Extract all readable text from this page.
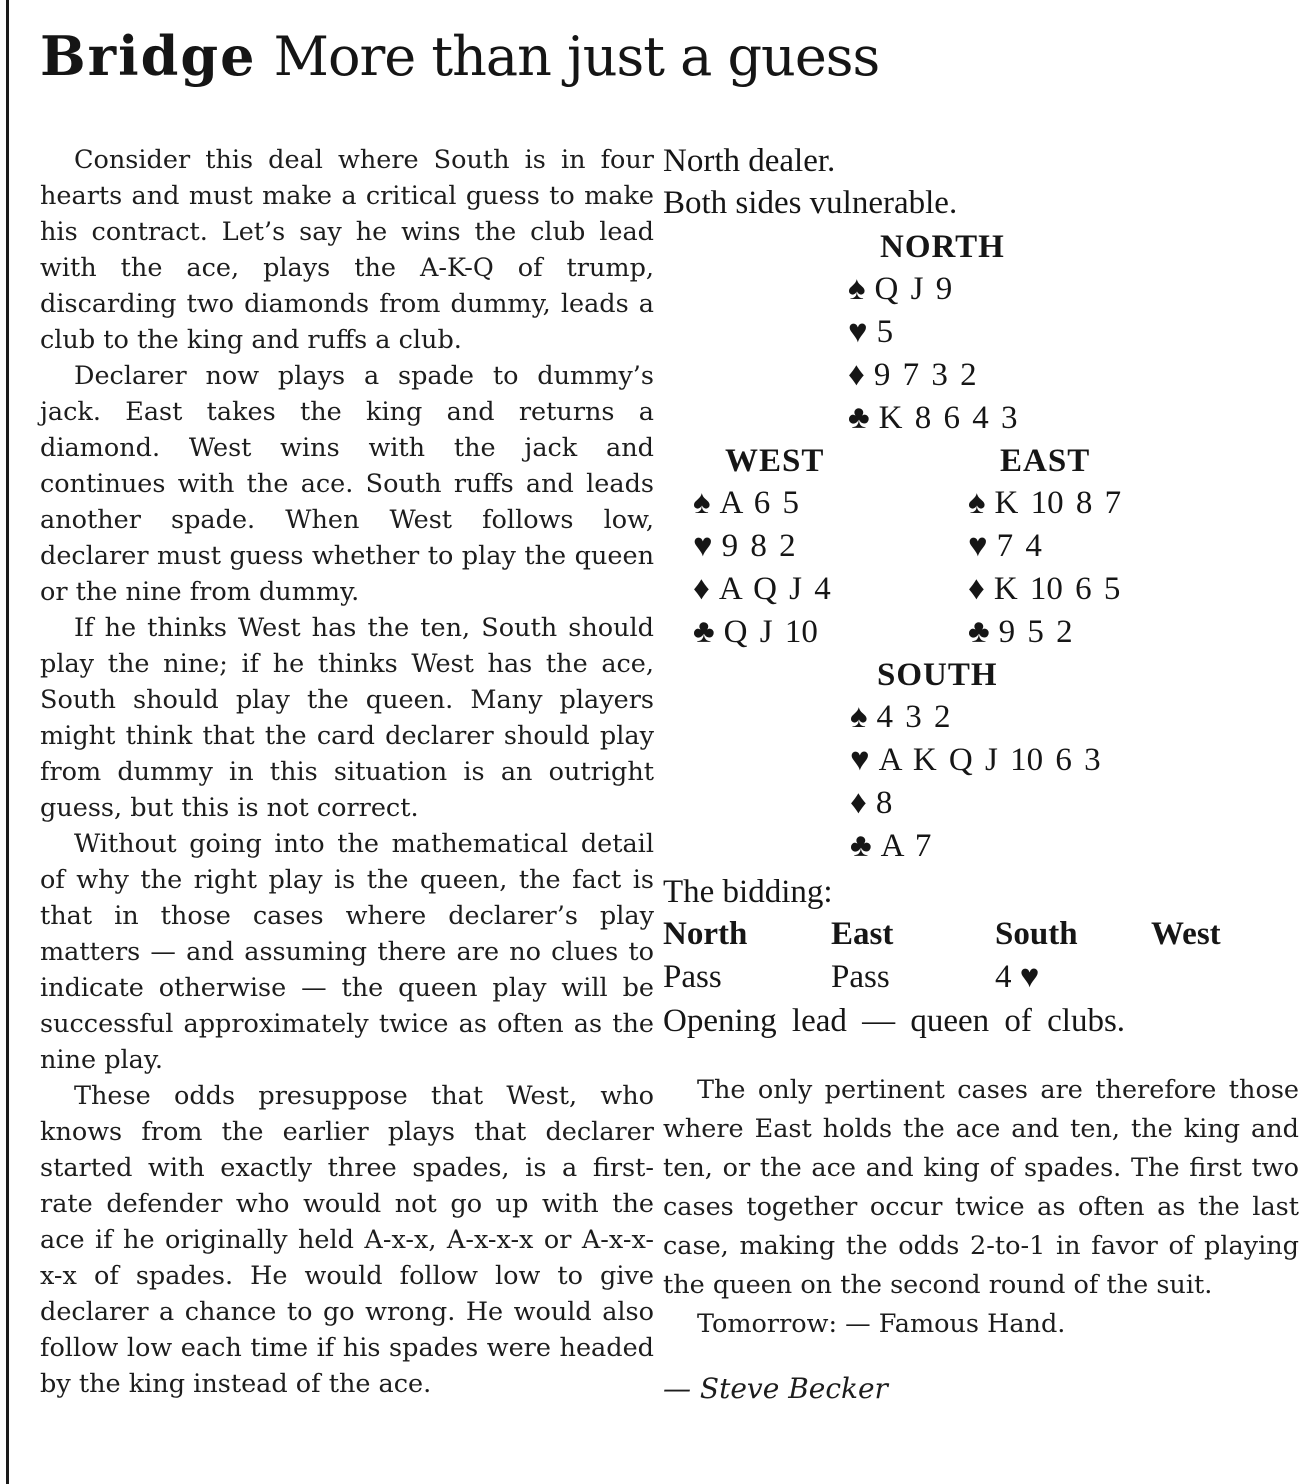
Bridge More than just a guess

Consider this deal where South is in four hearts and must make a critical guess to make his contract. Let’s say he wins the club lead with the ace, plays the A-K-Q of trump, discarding two diamonds from dummy, leads a club to the king and ruffs a club.

Declarer now plays a spade to dummy’s jack. East takes the king and returns a diamond. West wins with the jack and continues with the ace. South ruffs and leads another spade. When West follows low, declarer must guess whether to play the queen or the nine from dummy.

If he thinks West has the ten, South should play the nine; if he thinks West has the ace, South should play the queen. Many players might think that the card declarer should play from dummy in this situation is an outright guess, but this is not correct.

Without going into the mathematical detail of why the right play is the queen, the fact is that in those cases where declarer’s play matters — and assuming there are no clues to indicate otherwise — the queen play will be successful approximately twice as often as the nine play.

These odds presuppose that West, who knows from the earlier plays that declarer started with exactly three spades, is a first-rate defender who would not go up with the ace if he originally held A-x-x, A-x-x-x or A-x-x-x-x of spades. He would follow low to give declarer a chance to go wrong. He would also follow low each time if his spades were headed by the king instead of the ace.

North dealer.
Both sides vulnerable.
NORTH
♠ Q J 9
♥ 5
♦ 9 7 3 2
♣ K 8 6 4 3
WEST
♠ A 6 5
♥ 9 8 2
♦ A Q J 4
♣ Q J 10
EAST
♠ K 10 8 7
♥ 7 4
♦ K 10 6 5
♣ 9 5 2
SOUTH
♠ 4 3 2
♥ A K Q J 10 6 3
♦ 8
♣ A 7
The bidding:
North	East	South	West
Pass	Pass	4 ♥
Opening lead — queen of clubs.

The only pertinent cases are therefore those where East holds the ace and ten, the king and ten, or the ace and king of spades. The first two cases together occur twice as often as the last case, making the odds 2-to-1 in favor of playing the queen on the second round of the suit.

Tomorrow: — Famous Hand.

— Steve Becker
